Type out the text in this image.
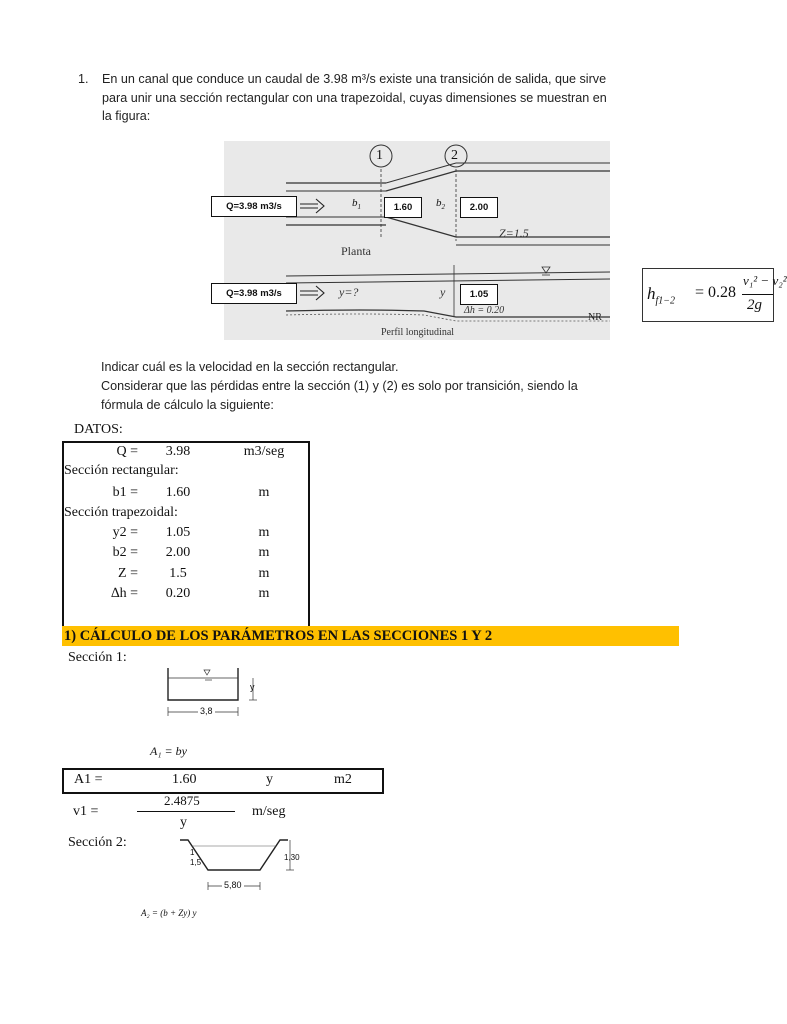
1. En un canal que conduce un caudal de 3.98 m³/s existe una transición de salida, que sirve para unir una sección rectangular con una trapezoidal, cuyas dimensiones se muestran en la figura:
1	2
Q=3.98 m3/s
Q=3.98 m3/s
$b_1$	1.60	$b_2$	2.00
Z=1.5
Planta
y=?	y	1.05
Δh = 0.20
NR
Perfil longitudinal
$h_{f1-2} = 0.28$
v₁² − v₂²
2g
Indicar cuál es la velocidad en la sección rectangular.
Considerar que las pérdidas entre la sección (1) y (2) es solo por transición, siendo la fórmula de cálculo la siguiente:
DATOS:
Q = 3.98	m3/seg
Sección rectangular:
b1 = 1.60	m
Sección trapezoidal:
y2 = 1.05	m
b2 = 2.00	m
Z = 1.5	m
∆h = 0.20	m
1) CÁLCULO DE LOS PARÁMETROS EN LAS SECCIONES 1 Y 2
Sección 1:
y
3,8
A₁ = by
A1 =	1.60	y	m2
v1 =
2.4875
y
m/seg
Sección 2:
1
1,5
1,30
5,80
A₂ = (b + Zy) y
